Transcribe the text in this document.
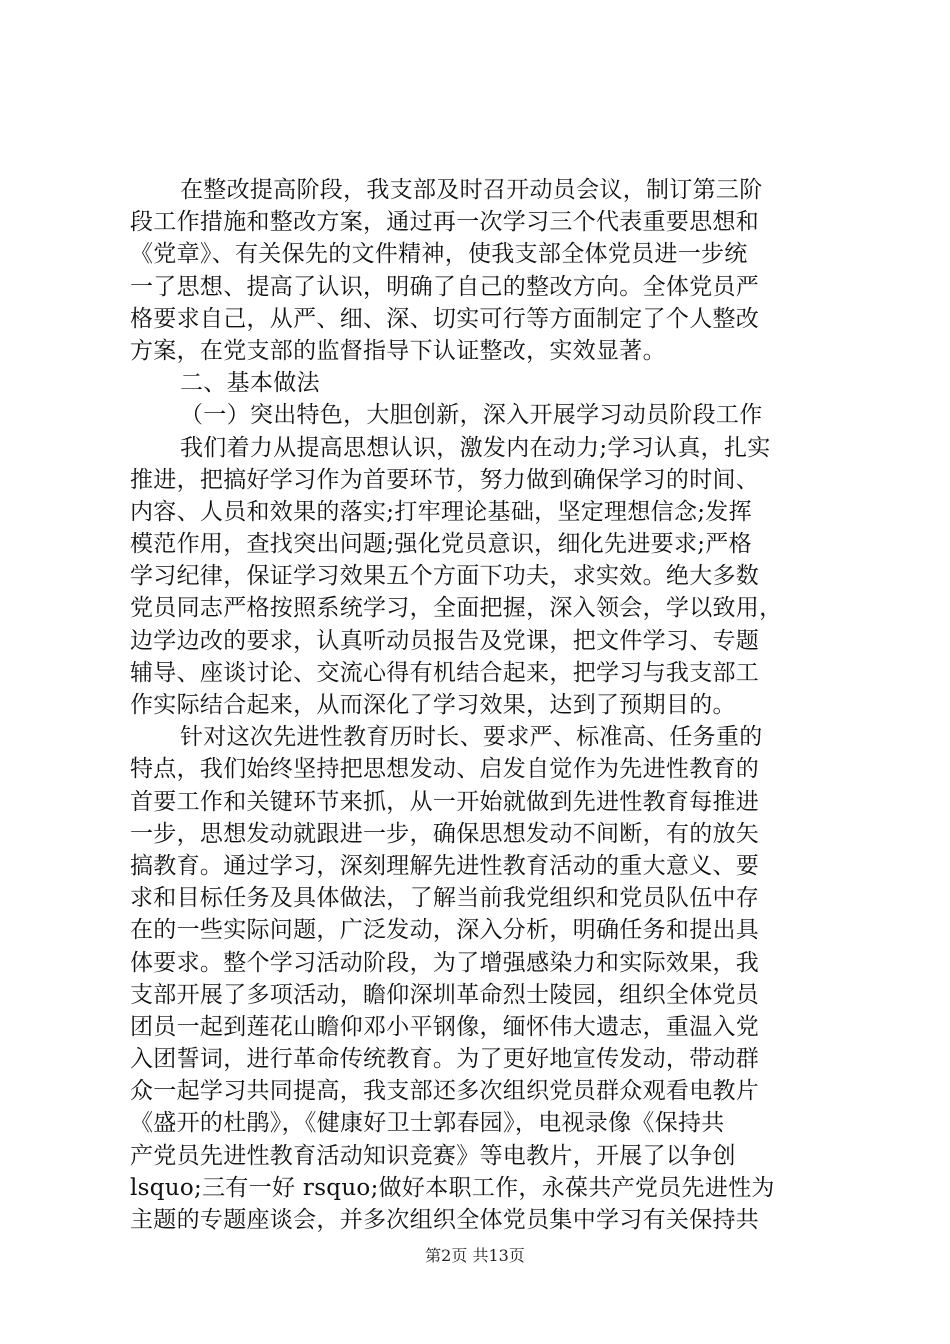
在整改提高阶段，我支部及时召开动员会议，制订第三阶
段工作措施和整改方案，通过再一次学习三个代表重要思想和
《党章》、有关保先的文件精神，使我支部全体党员进一步统
一了思想、提高了认识，明确了自己的整改方向。全体党员严
格要求自己，从严、细、深、切实可行等方面制定了个人整改
方案，在党支部的监督指导下认证整改，实效显著。
二、基本做法
（一）突出特色，大胆创新，深入开展学习动员阶段工作
我们着力从提高思想认识，激发内在动力;学习认真，扎实
推进，把搞好学习作为首要环节，努力做到确保学习的时间、
内容、人员和效果的落实;打牢理论基础，坚定理想信念;发挥
模范作用，查找突出问题;强化党员意识，细化先进要求;严格
学习纪律，保证学习效果五个方面下功夫，求实效。绝大多数
党员同志严格按照系统学习，全面把握，深入领会，学以致用，
边学边改的要求，认真听动员报告及党课，把文件学习、专题
辅导、座谈讨论、交流心得有机结合起来，把学习与我支部工
作实际结合起来，从而深化了学习效果，达到了预期目的。
针对这次先进性教育历时长、要求严、标准高、任务重的
特点，我们始终坚持把思想发动、启发自觉作为先进性教育的
首要工作和关键环节来抓，从一开始就做到先进性教育每推进
一步，思想发动就跟进一步，确保思想发动不间断，有的放矢
搞教育。通过学习，深刻理解先进性教育活动的重大意义、要
求和目标任务及具体做法，了解当前我党组织和党员队伍中存
在的一些实际问题，广泛发动，深入分析，明确任务和提出具
体要求。整个学习活动阶段，为了增强感染力和实际效果，我
支部开展了多项活动，瞻仰深圳革命烈士陵园，组织全体党员
团员一起到莲花山瞻仰邓小平钢像，缅怀伟大遗志，重温入党
入团誓词，进行革命传统教育。为了更好地宣传发动，带动群
众一起学习共同提高，我支部还多次组织党员群众观看电教片
《盛开的杜鹃》，《健康好卫士郭春园》，电视录像《保持共
产党员先进性教育活动知识竞赛》等电教片，开展了以争创
lsquo;三有一好 rsquo;做好本职工作，永葆共产党员先进性为
主题的专题座谈会，并多次组织全体党员集中学习有关保持共
第2页 共13页
